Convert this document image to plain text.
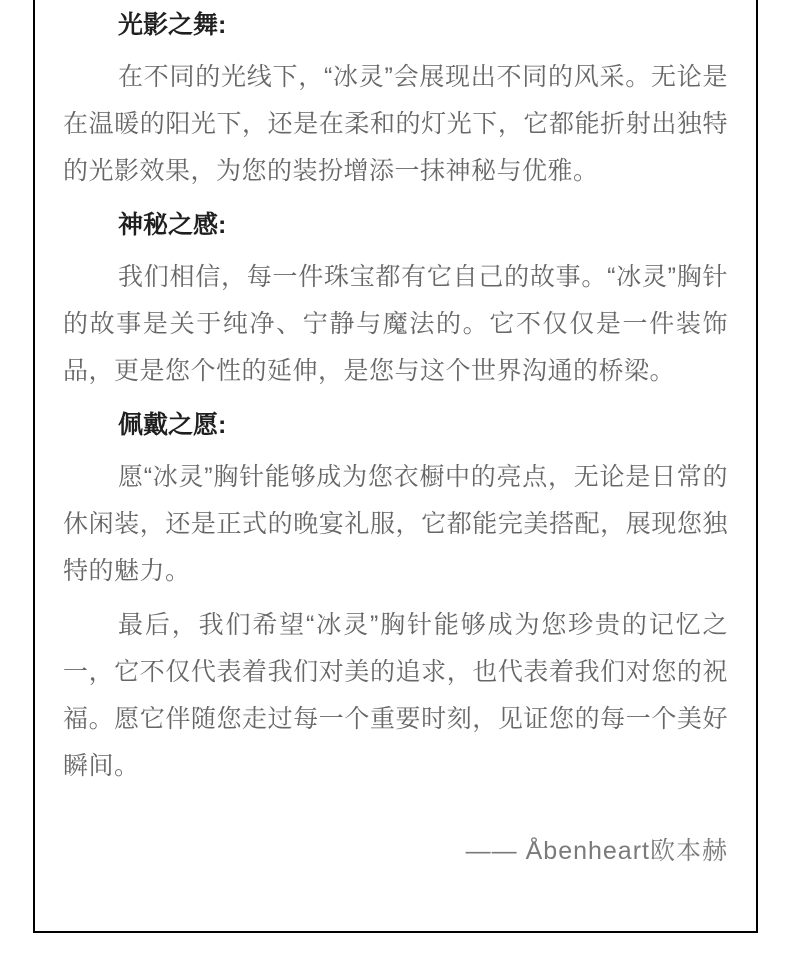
光影之舞:

在不同的光线下，“冰灵”会展现出不同的风采。无论是在温暖的阳光下，还是在柔和的灯光下，它都能折射出独特的光影效果，为您的装扮增添一抹神秘与优雅。

神秘之感:

我们相信，每一件珠宝都有它自己的故事。“冰灵”胸针的故事是关于纯净、宁静与魔法的。它不仅仅是一件装饰品，更是您个性的延伸，是您与这个世界沟通的桥梁。

佩戴之愿:

愿“冰灵”胸针能够成为您衣橱中的亮点，无论是日常的休闲装，还是正式的晚宴礼服，它都能完美搭配，展现您独特的魅力。

最后，我们希望“冰灵”胸针能够成为您珍贵的记忆之一，它不仅代表着我们对美的追求，也代表着我们对您的祝福。愿它伴随您走过每一个重要时刻，见证您的每一个美好瞬间。

—— Åbenheart欧本赫
